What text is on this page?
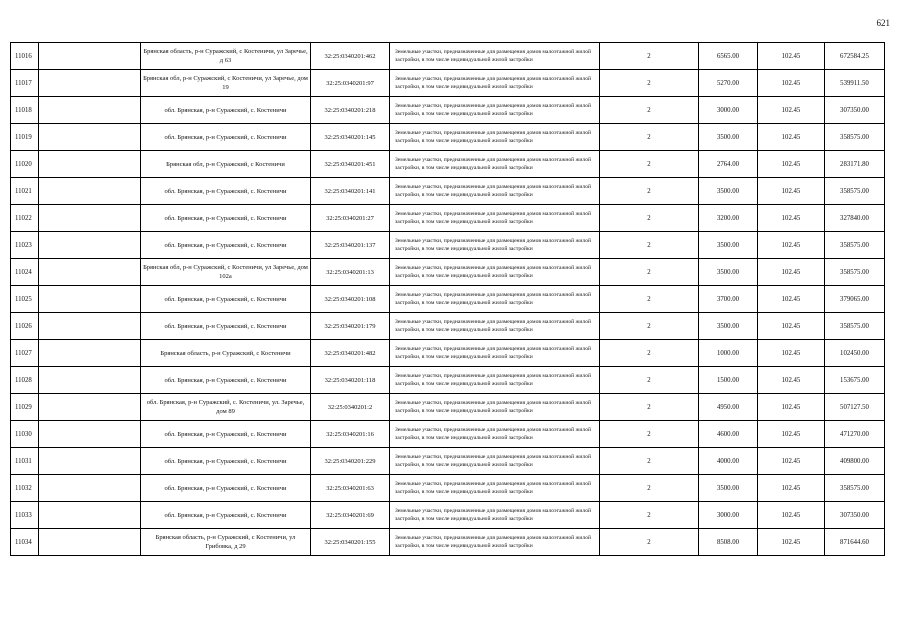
621
11016		Брянская область, р-н Суражский, с Костеничи, ул Заречье, д 63	32:25:0340201:462	Земельные участки, предназначенные для размещения домов малоэтажной жилой застройки, в том числе индивидуальной жилой застройки	2	6565.00	102.45	672584.25
11017		Брянская обл, р-н Суражский, с Костеничи, ул Заречье, дом 19	32:25:0340201:97	Земельные участки, предназначенные для размещения домов малоэтажной жилой застройки, в том числе индивидуальной жилой застройки	2	5270.00	102.45	539911.50
11018		обл. Брянская, р-н Суражский, с. Костеничи	32:25:0340201:218	Земельные участки, предназначенные для размещения домов малоэтажной жилой застройки, в том числе индивидуальной жилой застройки	2	3000.00	102.45	307350.00
11019		обл. Брянская, р-н Суражский, с. Костеничи	32:25:0340201:145	Земельные участки, предназначенные для размещения домов малоэтажной жилой застройки, в том числе индивидуальной жилой застройки	2	3500.00	102.45	358575.00
11020		Брянская обл, р-н Суражский, с Костеничи	32:25:0340201:451	Земельные участки, предназначенные для размещения домов малоэтажной жилой застройки, в том числе индивидуальной жилой застройки	2	2764.00	102.45	283171.80
11021		обл. Брянская, р-н Суражский, с. Костеничи	32:25:0340201:141	Земельные участки, предназначенные для размещения домов малоэтажной жилой застройки, в том числе индивидуальной жилой застройки	2	3500.00	102.45	358575.00
11022		обл. Брянская, р-н Суражский, с. Костеничи	32:25:0340201:27	Земельные участки, предназначенные для размещения домов малоэтажной жилой застройки, в том числе индивидуальной жилой застройки	2	3200.00	102.45	327840.00
11023		обл. Брянская, р-н Суражский, с. Костеничи	32:25:0340201:137	Земельные участки, предназначенные для размещения домов малоэтажной жилой застройки, в том числе индивидуальной жилой застройки	2	3500.00	102.45	358575.00
11024		Брянская обл, р-н Суражский, с Костеничи, ул Заречье, дом 102а	32:25:0340201:13	Земельные участки, предназначенные для размещения домов малоэтажной жилой застройки, в том числе индивидуальной жилой застройки	2	3500.00	102.45	358575.00
11025		обл. Брянская, р-н Суражский, с. Костеничи	32:25:0340201:108	Земельные участки, предназначенные для размещения домов малоэтажной жилой застройки, в том числе индивидуальной жилой застройки	2	3700.00	102.45	379065.00
11026		обл. Брянская, р-н Суражский, с. Костеничи	32:25:0340201:179	Земельные участки, предназначенные для размещения домов малоэтажной жилой застройки, в том числе индивидуальной жилой застройки	2	3500.00	102.45	358575.00
11027		Брянская область, р-н Суражский, с Костеничи	32:25:0340201:482	Земельные участки, предназначенные для размещения домов малоэтажной жилой застройки, в том числе индивидуальной жилой застройки	2	1000.00	102.45	102450.00
11028		обл. Брянская, р-н Суражский, с. Костеничи	32:25:0340201:118	Земельные участки, предназначенные для размещения домов малоэтажной жилой застройки, в том числе индивидуальной жилой застройки	2	1500.00	102.45	153675.00
11029		обл. Брянская, р-н Суражский, с. Костеничи, ул. Заречье, дом 89	32:25:0340201:2	Земельные участки, предназначенные для размещения домов малоэтажной жилой застройки, в том числе индивидуальной жилой застройки	2	4950.00	102.45	507127.50
11030		обл. Брянская, р-н Суражский, с. Костеничи	32:25:0340201:16	Земельные участки, предназначенные для размещения домов малоэтажной жилой застройки, в том числе индивидуальной жилой застройки	2	4600.00	102.45	471270.00
11031		обл. Брянская, р-н Суражский, с. Костеничи	32:25:0340201:229	Земельные участки, предназначенные для размещения домов малоэтажной жилой застройки, в том числе индивидуальной жилой застройки	2	4000.00	102.45	409800.00
11032		обл. Брянская, р-н Суражский, с. Костеничи	32:25:0340201:63	Земельные участки, предназначенные для размещения домов малоэтажной жилой застройки, в том числе индивидуальной жилой застройки	2	3500.00	102.45	358575.00
11033		обл. Брянская, р-н Суражский, с. Костеничи	32:25:0340201:69	Земельные участки, предназначенные для размещения домов малоэтажной жилой застройки, в том числе индивидуальной жилой застройки	2	3000.00	102.45	307350.00
11034		Брянская область, р-н Суражский, с Костеничи, ул Грибовка, д 29	32:25:0340201:155	Земельные участки, предназначенные для размещения домов малоэтажной жилой застройки, в том числе индивидуальной жилой застройки	2	8508.00	102.45	871644.60
